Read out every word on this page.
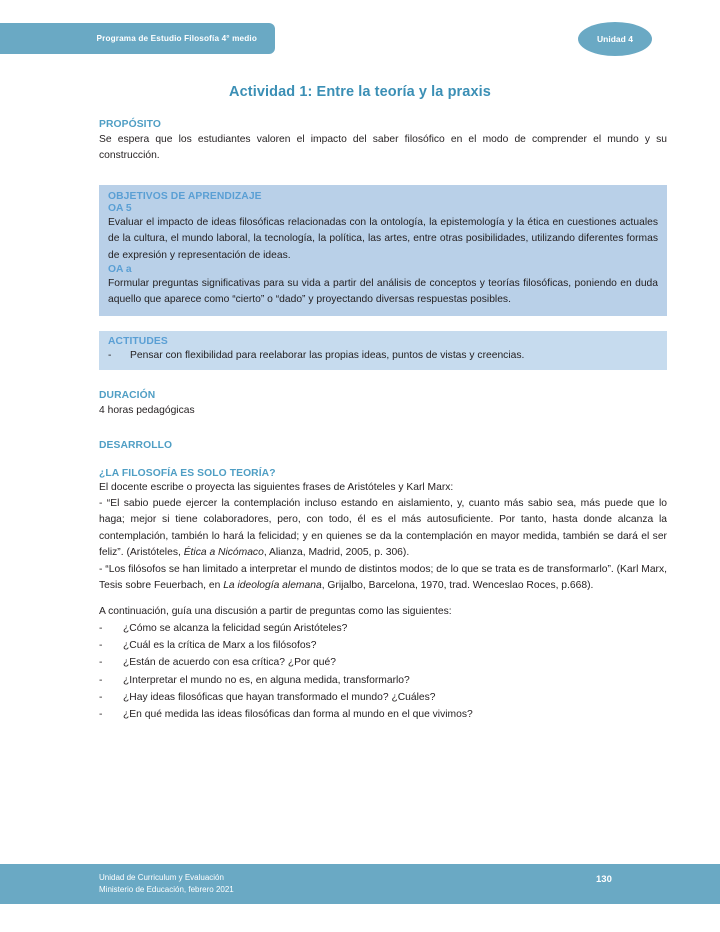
Programa de Estudio Filosofía 4° medio	Unidad 4
Actividad 1: Entre la teoría y la praxis
PROPÓSITO

Se espera que los estudiantes valoren el impacto del saber filosófico en el modo de comprender el mundo y su construcción.

OBJETIVOS DE APRENDIZAJE
OA 5

Evaluar el impacto de ideas filosóficas relacionadas con la ontología, la epistemología y la ética en cuestiones actuales de la cultura, el mundo laboral, la tecnología, la política, las artes, entre otras posibilidades, utilizando diferentes formas de expresión y representación de ideas.

OA a

Formular preguntas significativas para su vida a partir del análisis de conceptos y teorías filosóficas, poniendo en duda aquello que aparece como “cierto” o “dado” y proyectando diversas respuestas posibles.

ACTITUDES
-	Pensar con flexibilidad para reelaborar las propias ideas, puntos de vistas y creencias.
DURACIÓN

4 horas pedagógicas

DESARROLLO
¿LA FILOSOFÍA ES SOLO TEORÍA?

El docente escribe o proyecta las siguientes frases de Aristóteles y Karl Marx:

- “El sabio puede ejercer la contemplación incluso estando en aislamiento, y, cuanto más sabio sea, más puede que lo haga; mejor si tiene colaboradores, pero, con todo, él es el más autosuficiente. Por tanto, hasta donde alcanza la contemplación, también lo hará la felicidad; y en quienes se da la contemplación en mayor medida, también se dará el ser feliz”. (Aristóteles, Ética a Nicómaco, Alianza, Madrid, 2005, p. 306).

- “Los filósofos se han limitado a interpretar el mundo de distintos modos; de lo que se trata es de transformarlo”. (Karl Marx, Tesis sobre Feuerbach, en La ideología alemana, Grijalbo, Barcelona, 1970, trad. Wenceslao Roces, p.668).

A continuación, guía una discusión a partir de preguntas como las siguientes:

-	¿Cómo se alcanza la felicidad según Aristóteles?
-	¿Cuál es la crítica de Marx a los filósofos?
-	¿Están de acuerdo con esa crítica? ¿Por qué?
-	¿Interpretar el mundo no es, en alguna medida, transformarlo?
-	¿Hay ideas filosóficas que hayan transformado el mundo? ¿Cuáles?
-	¿En qué medida las ideas filosóficas dan forma al mundo en el que vivimos?
Unidad de Curriculum y Evaluación
Ministerio de Educación, febrero 2021
130
